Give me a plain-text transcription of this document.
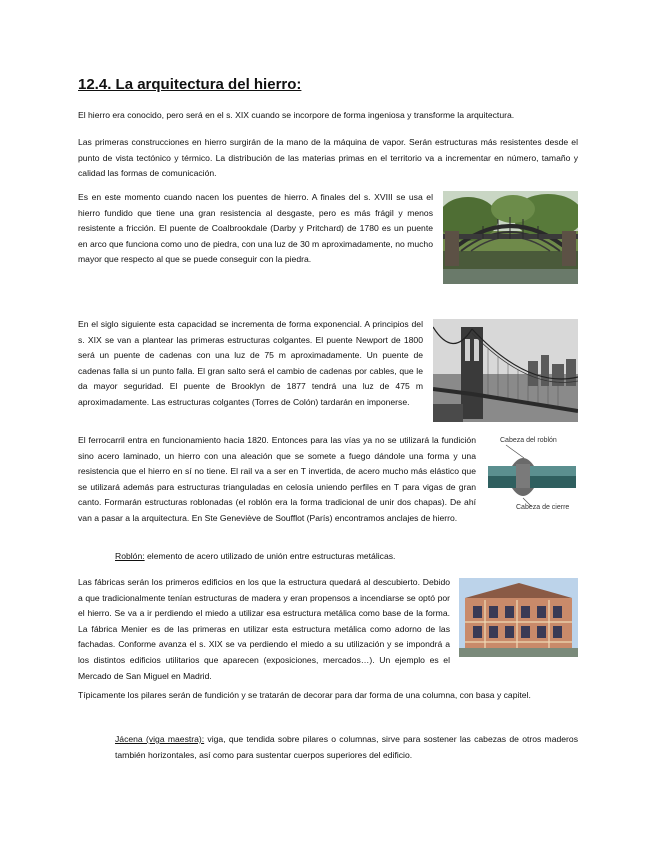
12.4. La arquitectura del hierro:

El hierro era conocido, pero será en el s. XIX cuando se incorpore de forma ingeniosa y transforme la arquitectura.

Las primeras construcciones en hierro surgirán de la mano de la máquina de vapor. Serán estructuras más resistentes desde el punto de vista tectónico y térmico. La distribución de las materias primas en el territorio va a incrementar en número, tamaño y calidad las formas de comunicación.

Es en este momento cuando nacen los puentes de hierro. A finales del s. XVIII se usa el hierro fundido que tiene una gran resistencia al desgaste, pero es más frágil y menos resistente a fricción. El puente de Coalbrookdale (Darby y Pritchard) de 1780 es un puente en arco que funciona como uno de piedra, con una luz de 30 m aproximadamente, no mucho mayor que respecto al que se puede conseguir con la piedra.

En el siglo siguiente esta capacidad se incrementa de forma exponencial. A principios del s. XIX se van a plantear las primeras estructuras colgantes. El puente Newport de 1800 será un puente de cadenas con una luz de 75 m aproximadamente. Un puente de cadenas falla si un punto falla. El gran salto será el cambio de cadenas por cables, que le da mayor seguridad. El puente de Brooklyn de 1877 tendrá una luz de 475 m aproximadamente. Las estructuras colgantes (Torres de Colón) tardarán en imponerse.

El ferrocarril entra en funcionamiento hacia 1820. Entonces para las vías ya no se utilizará la fundición sino acero laminado, un hierro con una aleación que se somete a fuego dándole una forma y una resistencia que el hierro en sí no tiene. El rail va a ser en T invertida, de acero mucho más elástico que se utilizará además para estructuras trianguladas en celosía uniendo perfiles en T para vigas de gran canto. Formarán estructuras roblonadas (el roblón era la forma tradicional de unir dos chapas). De ahí van a pasar a la arquitectura. En Ste Geneviève de Soufflot (París) encontramos anclajes de hierro.

Cabeza del roblón
Cabeza de cierre

Roblón: elemento de acero utilizado de unión entre estructuras metálicas.

Las fábricas serán los primeros edificios en los que la estructura quedará al descubierto. Debido a que tradicionalmente tenían estructuras de madera y eran propensos a incendiarse se optó por el hierro. Se va a ir perdiendo el miedo a utilizar esa estructura metálica como base de la forma. La fábrica Menier es de las primeras en utilizar esta estructura metálica como adorno de las fachadas. Conforme avanza el s. XIX se va perdiendo el miedo a su utilización y se impondrá a los distintos edificios utilitarios que aparecen (exposiciones, mercados…). Un ejemplo es el Mercado de San Miguel en Madrid.

Típicamente los pilares serán de fundición y se tratarán de decorar para dar forma de una columna, con basa y capitel.

Jácena (viga maestra): viga, que tendida sobre pilares o columnas, sirve para sostener las cabezas de otros maderos también horizontales, así como para sustentar cuerpos superiores del edificio.
